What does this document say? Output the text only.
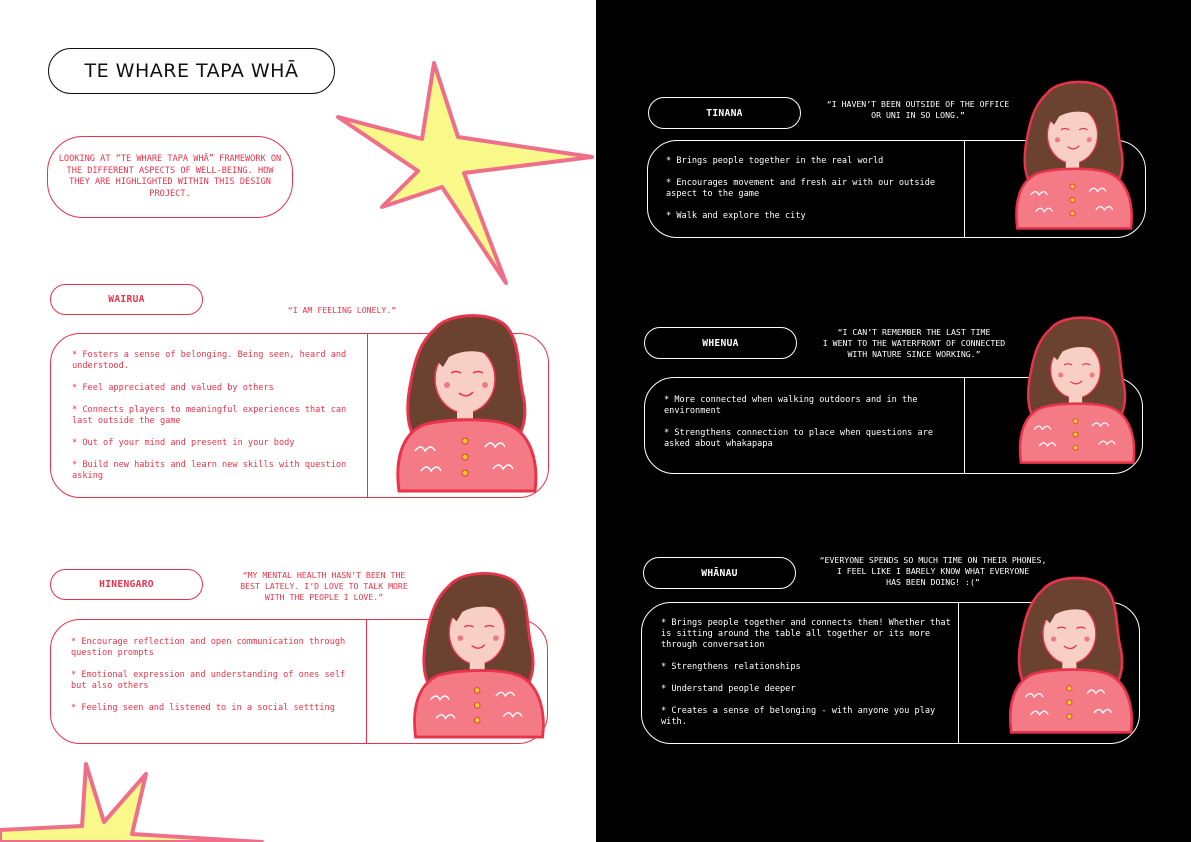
TE WHARE TAPA WHĀ
LOOKING AT “TE WHARE TAPA WHĀ” FRAMEWORK ON THE DIFFERENT ASPECTS OF WELL-BEING. HOW THEY ARE HIGHLIGHTED WITHIN THIS DESIGN PROJECT.
WAIRUA
“I AM FEELING LONELY.”
* Fosters a sense of belonging. Being seen, heard and understood.
* Feel appreciated and valued by others
* Connects players to meaningful experiences that can last outside the game
* Out of your mind and present in your body
* Build new habits and learn new skills with question asking
HINENGARO
“MY MENTAL HEALTH HASN’T BEEN THE
BEST LATELY. I’D LOVE TO TALK MORE
WITH THE PEOPLE I LOVE.”
* Encourage reflection and open communication through question prompts
* Emotional expression and understanding of ones self but also others
* Feeling seen and listened to in a social settting
TINANA
“I HAVEN’T BEEN OUTSIDE OF THE OFFICE
OR UNI IN SO LONG.”
* Brings people together in the real world
* Encourages movement and fresh air with our outside aspect to the game
* Walk and explore the city
WHENUA
“I CAN’T REMEMBER THE LAST TIME
I WENT TO THE WATERFRONT OF CONNECTED
WITH NATURE SINCE WORKING.”
* More connected when walking outdoors and in the environment
* Strengthens connection to place when questions are asked about whakapapa
WHĀNAU
“EVERYONE SPENDS SO MUCH TIME ON THEIR PHONES,
I FEEL LIKE I BARELY KNOW WHAT EVERYONE
HAS BEEN DOING! :(”
* Brings people together and connects them! Whether that is sitting around the table all together or its more through conversation
* Strengthens relationships
* Understand people deeper
* Creates a sense of belonging - with anyone you play with.
